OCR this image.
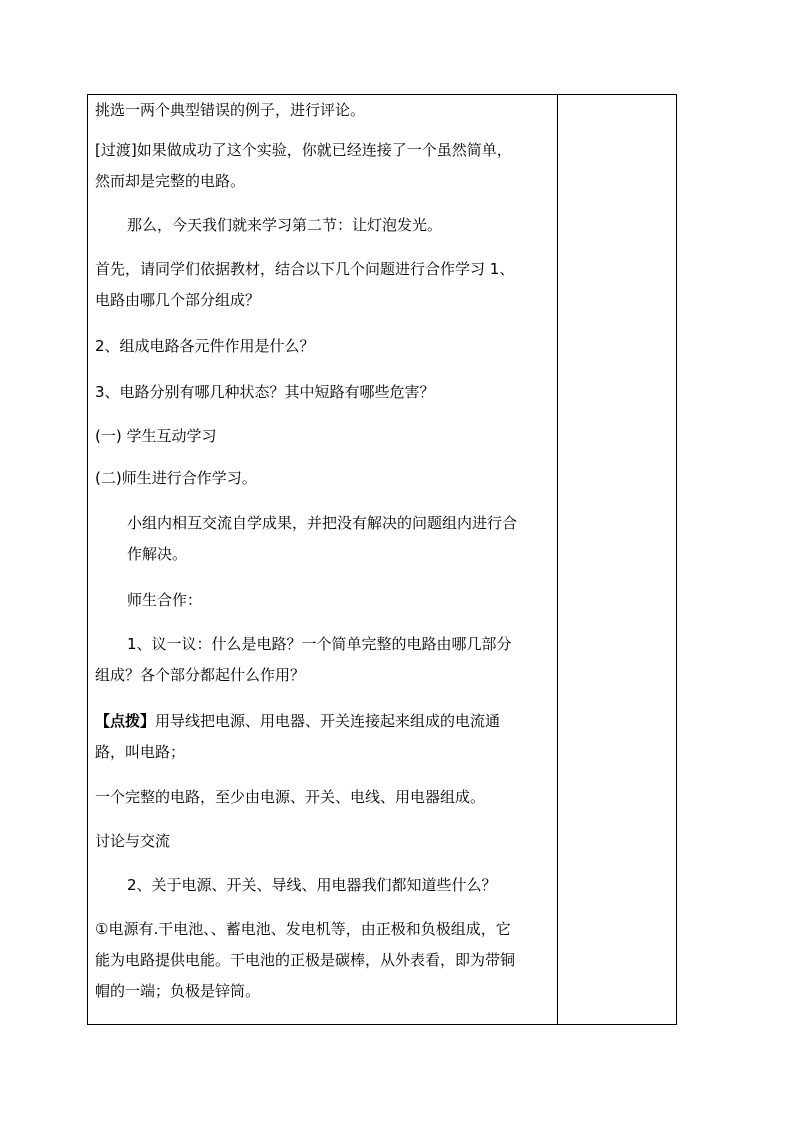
挑选一两个典型错误的例子，进行评论。

[过渡]如果做成功了这个实验，你就已经连接了一个虽然简单，
然而却是完整的电路。

那么，今天我们就来学习第二节：让灯泡发光。

首先，请同学们依据教材，结合以下几个问题进行合作学习 1、
电路由哪几个部分组成？

2、组成电路各元件作用是什么？

3、电路分别有哪几种状态？其中短路有哪些危害？

(一) 学生互动学习

(二)师生进行合作学习。

小组内相互交流自学成果，并把没有解决的问题组内进行合
作解决。

师生合作：

1、议一议：什么是电路？一个简单完整的电路由哪几部分
组成？各个部分都起什么作用？

【点拨】用导线把电源、用电器、开关连接起来组成的电流通
路，叫电路；

一个完整的电路，至少由电源、开关、电线、用电器组成。

讨论与交流

2、关于电源、开关、导线、用电器我们都知道些什么？

①电源有.干电池、、蓄电池、发电机等，由正极和负极组成，它
能为电路提供电能。干电池的正极是碳棒，从外表看，即为带铜
帽的一端；负极是锌筒。
